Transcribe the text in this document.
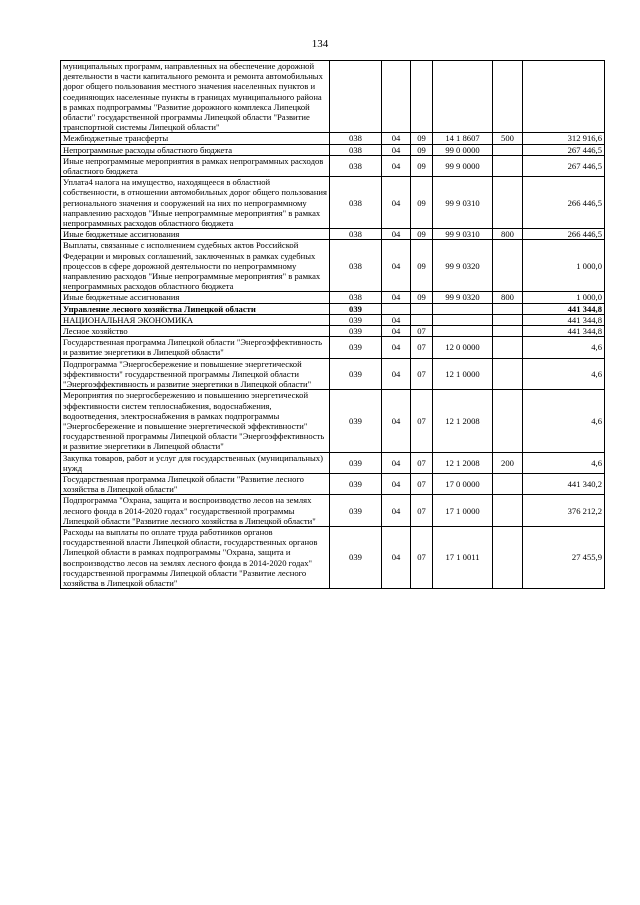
134
муниципальных программ, направленных на обеспечение дорожной деятельности в части капитального ремонта и ремонта автомобильных дорог общего пользования местного значения населенных пунктов и соединяющих населенные пункты в границах муниципального района в рамках подпрограммы "Развитие дорожного комплекса Липецкой области" государственной программы Липецкой области "Развитие транспортной системы Липецкой области"						
Межбюджетные трансферты	038	04	09	14 1 8607	500	312 916,6
Непрограммные расходы областного бюджета	038	04	09	99 0 0000		267 446,5
Иные непрограммные мероприятия в рамках непрограммных расходов областного бюджета	038	04	09	99 9 0000		267 446,5
Уплата4 налога на имущество, находящееся в областной собственности, в отношении автомобильных дорог общего пользования регионального значения и сооружений на них по непрограммному направлению расходов "Иные непрограммные мероприятия" в рамках непрограммных расходов областного бюджета	038	04	09	99 9 0310		266 446,5
Иные бюджетные ассигнования	038	04	09	99 9 0310	800	266 446,5
Выплаты, связанные с исполнением судебных актов Российской Федерации и мировых соглашений, заключенных в рамках судебных процессов в сфере дорожной деятельности по непрограммному направлению расходов "Иные непрограммные мероприятия" в рамках непрограммных расходов областного бюджета	038	04	09	99 9 0320		1 000,0
Иные бюджетные ассигнования	038	04	09	99 9 0320	800	1 000,0
Управление лесного хозяйства Липецкой области	039					441 344,8
НАЦИОНАЛЬНАЯ ЭКОНОМИКА	039	04				441 344,8
Лесное хозяйство	039	04	07			441 344,8
Государственная программа Липецкой области "Энергоэффективность и развитие энергетики в Липецкой области"	039	04	07	12 0 0000		4,6
Подпрограмма "Энергосбережение и повышение энергетической эффективности" государственной программы Липецкой области "Энергоэффективность и развитие энергетики в Липецкой области"	039	04	07	12 1 0000		4,6
Мероприятия по энергосбережению и повышению энергетической эффективности систем теплоснабжения, водоснабжения, водоотведения, электроснабжения в рамках подпрограммы "Энергосбережение и повышение энергетической эффективности" государственной программы Липецкой области "Энергоэффективность и развитие энергетики в Липецкой области"	039	04	07	12 1 2008		4,6
Закупка товаров, работ и услуг для государственных (муниципальных) нужд	039	04	07	12 1 2008	200	4,6
Государственная программа Липецкой области "Развитие лесного хозяйства в Липецкой области"	039	04	07	17 0 0000		441 340,2
Подпрограмма "Охрана, защита и воспроизводство лесов на землях лесного фонда в 2014-2020 годах" государственной программы Липецкой области "Развитие лесного хозяйства в Липецкой области"	039	04	07	17 1 0000		376 212,2
Расходы на выплаты по оплате труда работников органов государственной власти Липецкой области, государственных органов Липецкой области в рамках подпрограммы "Охрана, защита и воспроизводство лесов на землях лесного фонда в 2014-2020 годах" государственной программы Липецкой области "Развитие лесного хозяйства в Липецкой области"	039	04	07	17 1 0011		27 455,9
